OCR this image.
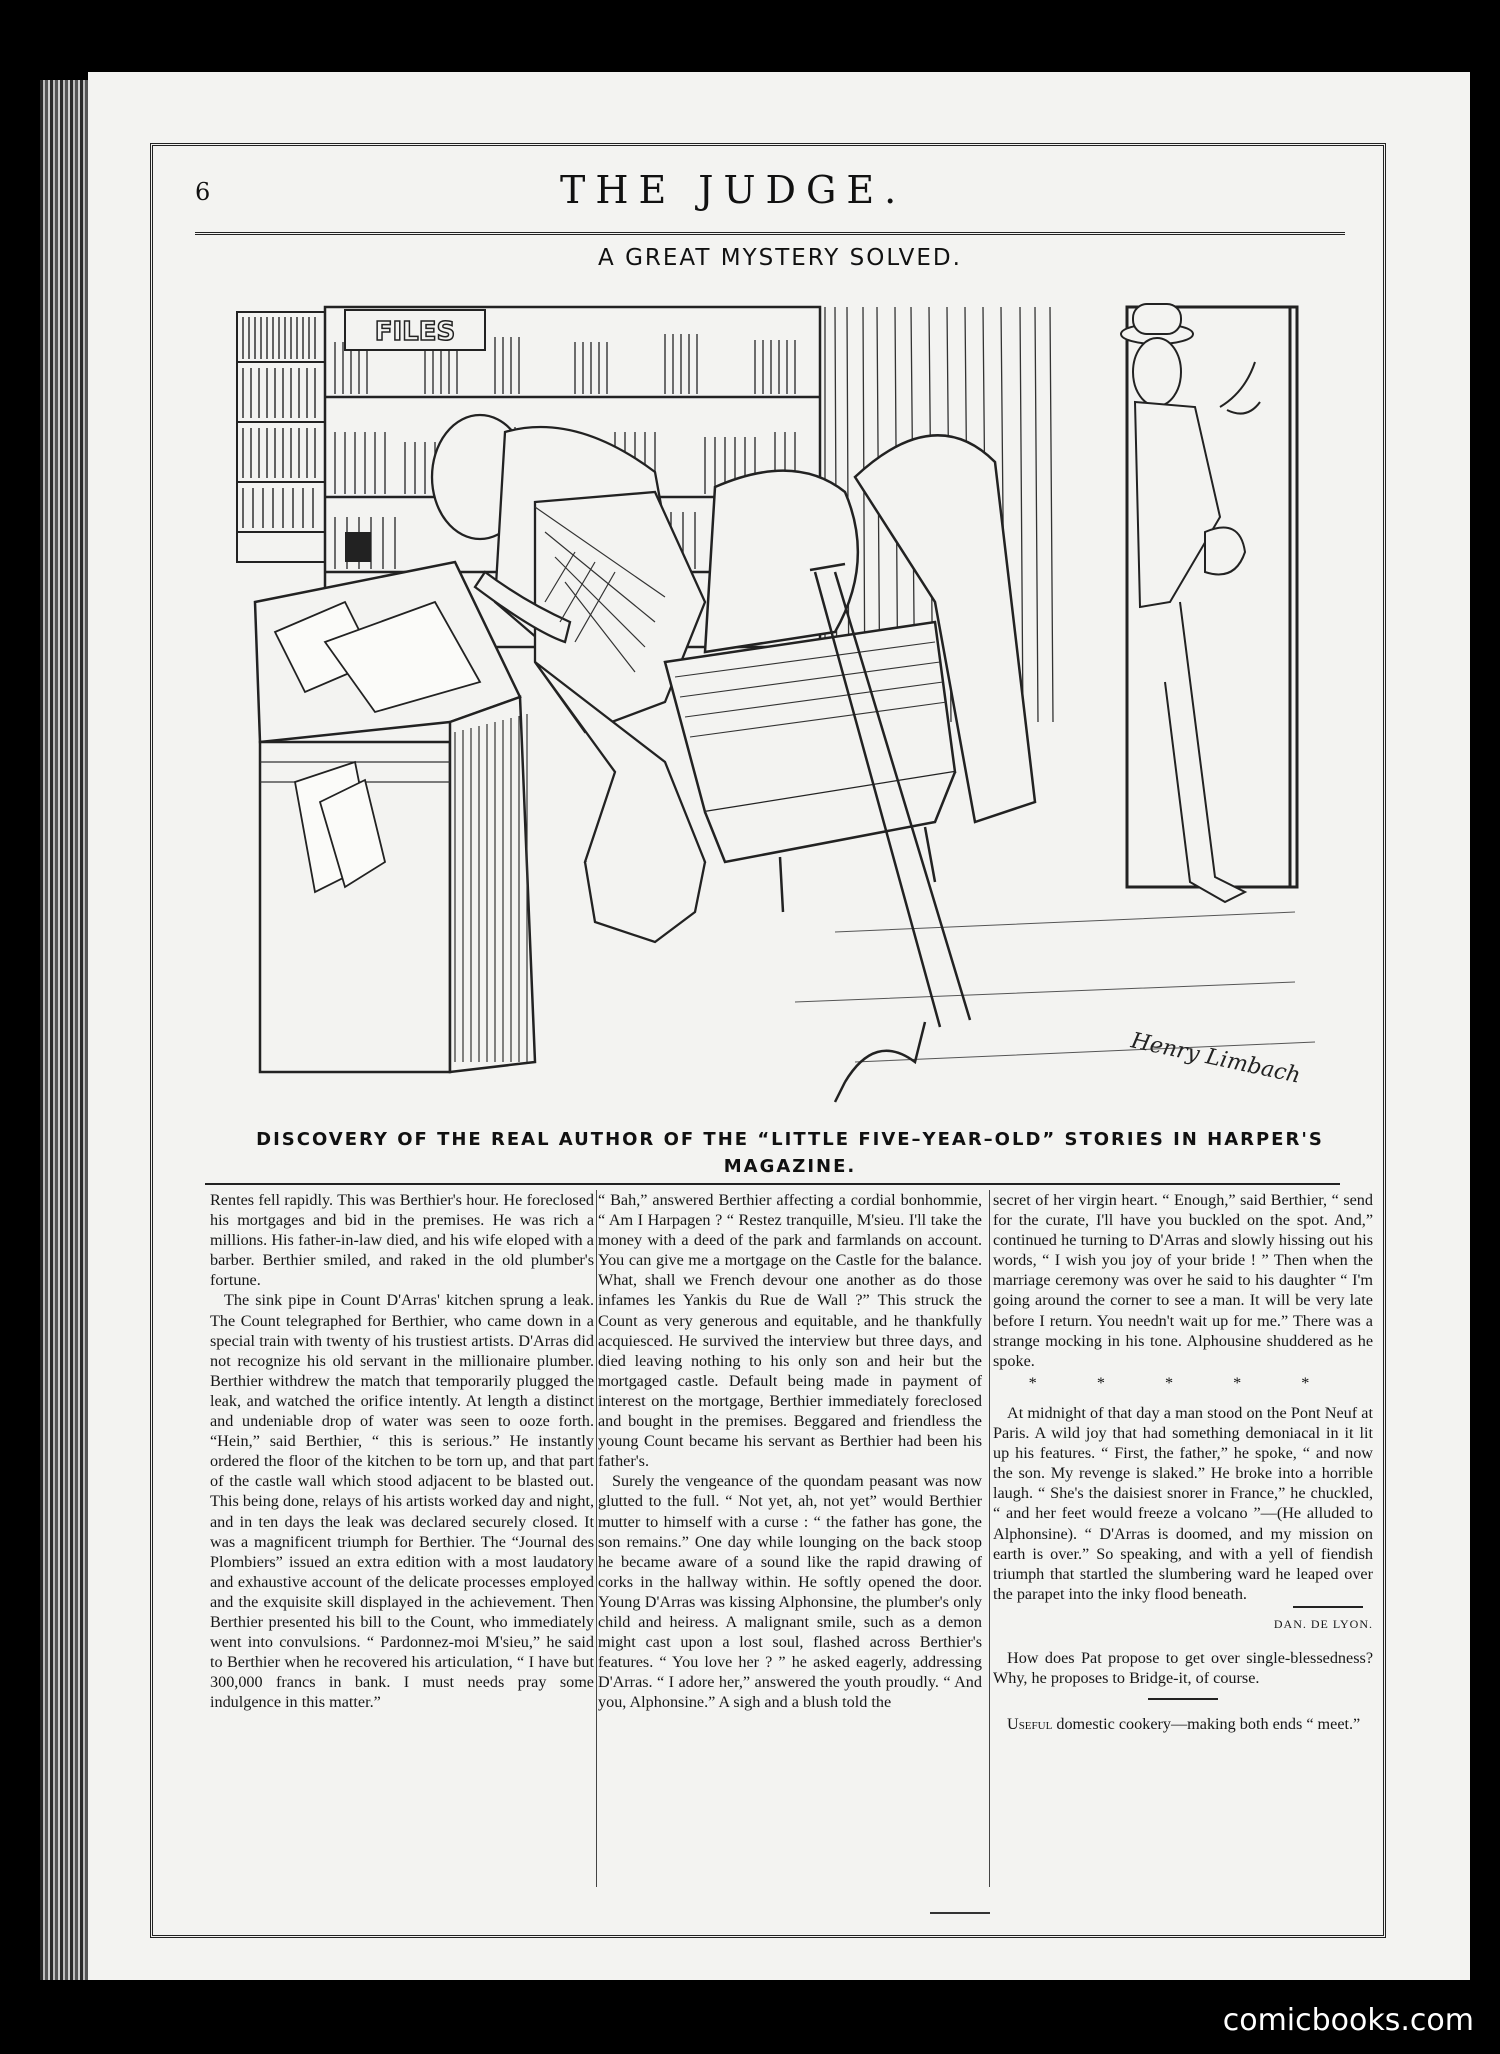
6	THE JUDGE.
A GREAT MYSTERY SOLVED.
FILES
Henry Limbach
DISCOVERY OF THE REAL AUTHOR OF THE “LITTLE FIVE–YEAR–OLD” STORIES IN HARPER'S MAGAZINE.

Rentes fell rapidly. This was Berthier's hour. He foreclosed his mortgages and bid in the premises. He was rich a millions. His father-in-law died, and his wife eloped with a barber. Berthier smiled, and raked in the old plumber's fortune.

The sink pipe in Count D'Arras' kitchen sprung a leak. The Count telegraphed for Berthier, who came down in a special train with twenty of his trustiest artists. D'Arras did not recognize his old servant in the millionaire plumber. Berthier withdrew the match that temporarily plugged the leak, and watched the orifice intently. At length a distinct and undeniable drop of water was seen to ooze forth. “Hein,” said Berthier, “ this is serious.” He instantly ordered the floor of the kitchen to be torn up, and that part of the castle wall which stood adjacent to be blasted out. This being done, relays of his artists worked day and night, and in ten days the leak was declared securely closed. It was a magnificent triumph for Berthier. The “Journal des Plombiers” issued an extra edition with a most laudatory and exhaustive account of the delicate processes employed and the exquisite skill displayed in the achievement. Then Berthier presented his bill to the Count, who immediately went into convulsions. “ Pardonnez-moi M'sieu,” he said to Berthier when he recovered his articulation, “ I have but 300,000 francs in bank. I must needs pray some indulgence in this matter.”

“ Bah,” answered Berthier affecting a cordial bonhommie, “ Am I Harpagen ? “ Restez tranquille, M'sieu. I'll take the money with a deed of the park and farmlands on account. You can give me a mortgage on the Castle for the balance. What, shall we French devour one another as do those infames les Yankis du Rue de Wall ?” This struck the Count as very generous and equitable, and he thankfully acquiesced. He survived the interview but three days, and died leaving nothing to his only son and heir but the mortgaged castle. Default being made in payment of interest on the mortgage, Berthier immediately foreclosed and bought in the premises. Beggared and friendless the young Count became his servant as Berthier had been his father's.

Surely the vengeance of the quondam peasant was now glutted to the full. “ Not yet, ah, not yet” would Berthier mutter to himself with a curse : “ the father has gone, the son remains.” One day while lounging on the back stoop he became aware of a sound like the rapid drawing of corks in the hallway within. He softly opened the door. Young D'Arras was kissing Alphonsine, the plumber's only child and heiress. A malignant smile, such as a demon might cast upon a lost soul, flashed across Berthier's features. “ You love her ? ” he asked eagerly, addressing D'Arras. “ I adore her,” answered the youth proudly. “ And you, Alphonsine.” A sigh and a blush told the

secret of her virgin heart. “ Enough,” said Berthier, “ send for the curate, I'll have you buckled on the spot. And,” continued he turning to D'Arras and slowly hissing out his words, “ I wish you joy of your bride ! ” Then when the marriage ceremony was over he said to his daughter “ I'm going around the corner to see a man. It will be very late before I return. You needn't wait up for me.” There was a strange mocking in his tone. Alphousine shuddered as he spoke.

* * * * *

At midnight of that day a man stood on the Pont Neuf at Paris. A wild joy that had something demoniacal in it lit up his features. “ First, the father,” he spoke, “ and now the son. My revenge is slaked.” He broke into a horrible laugh. “ She's the daisiest snorer in France,” he chuckled, “ and her feet would freeze a volcano ”—(He alluded to Alphonsine). “ D'Arras is doomed, and my mission on earth is over.” So speaking, and with a yell of fiendish triumph that startled the slumbering ward he leaped over the parapet into the inky flood beneath.

DAN. DE LYON.

How does Pat propose to get over single-blessedness? Why, he proposes to Bridge-it, of course.

Useful domestic cookery—making both ends “ meet.”

comicbooks.com
